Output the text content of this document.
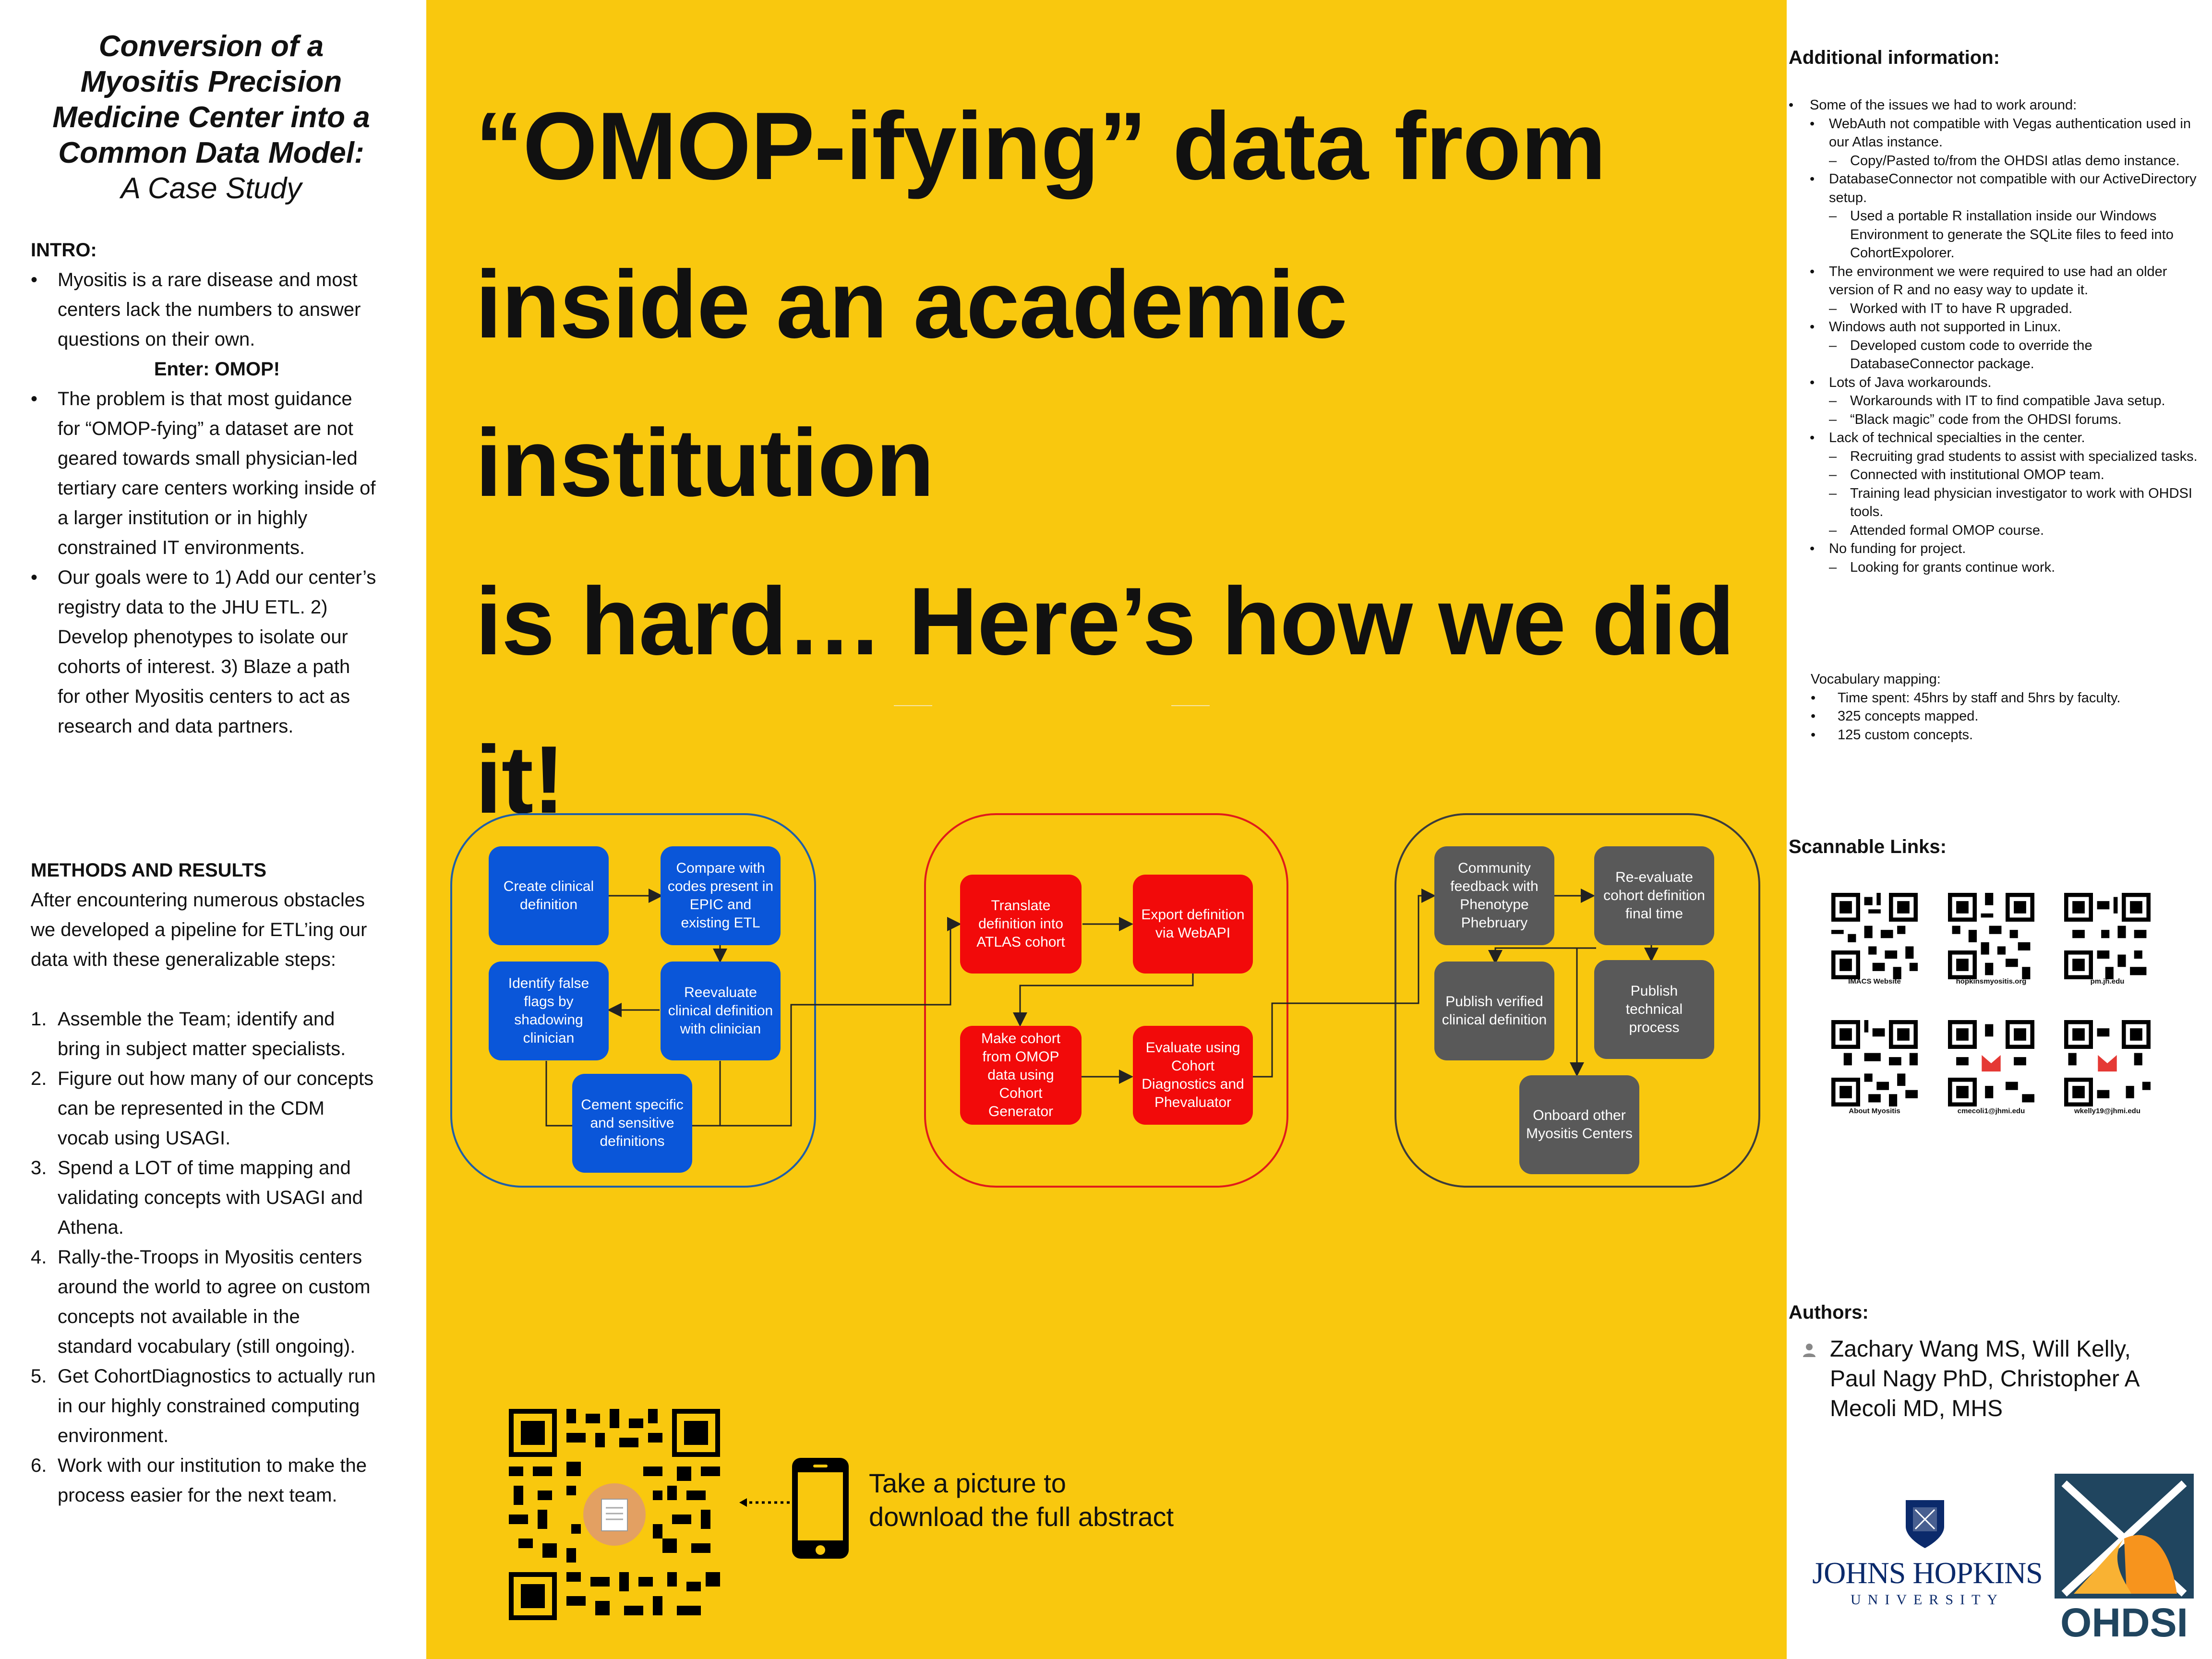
Conversion of a
Myositis Precision
Medicine Center into a
Common Data Model:
A Case Study
INTRO:
• Myositis is a rare disease and most centers lack the numbers to answer questions on their own.
Enter: OMOP!
• The problem is that most guidance for “OMOP-fying” a dataset are not geared towards small physician-led tertiary care centers working inside of a larger institution or in highly constrained IT environments.
• Our goals were to 1) Add our center’s registry data to the JHU ETL. 2) Develop phenotypes to isolate our cohorts of interest. 3) Blaze a path for other Myositis centers to act as research and data partners.
METHODS AND RESULTS
After encountering numerous obstacles we developed a pipeline for ETL’ing our data with these generalizable steps:
1. Assemble the Team; identify and bring in subject matter specialists.
2. Figure out how many of our concepts can be represented in the CDM vocab using USAGI.
3. Spend a LOT of time mapping and validating concepts with USAGI and Athena.
4. Rally-the-Troops in Myositis centers around the world to agree on custom concepts not available in the standard vocabulary (still ongoing).
5. Get CohortDiagnostics to actually run in our highly constrained computing environment.
6. Work with our institution to make the process easier for the next team.
“OMOP-ifying” data from
inside an academic institution
is hard… Here’s how we did it!
Create clinical definition
Compare with codes present in EPIC and existing ETL
Identify false flags by shadowing clinician
Reevaluate clinical definition with clinician
Cement specific and sensitive definitions
Translate definition into ATLAS cohort
Export definition via WebAPI
Make cohort from OMOP data using Cohort Generator
Evaluate using Cohort Diagnostics and Phevaluator
Community feedback with Phenotype Phebruary
Re-evaluate cohort definition final time
Publish verified clinical definition
Publish technical process
Onboard other Myositis Centers
Take a picture to
download the full abstract
Additional information:
• Some of the issues we had to work around:
• WebAuth not compatible with Vegas authentication used in our Atlas instance.
– Copy/Pasted to/from the OHDSI atlas demo instance.
• DatabaseConnector not compatible with our ActiveDirectory setup.
– Used a portable R installation inside our Windows Environment to generate the SQLite files to feed into CohortExpolorer.
• The environment we were required to use had an older version of R and no easy way to update it.
– Worked with IT to have R upgraded.
• Windows auth not supported in Linux.
– Developed custom code to override the DatabaseConnector package.
• Lots of Java workarounds.
– Workarounds with IT to find compatible Java setup.
– “Black magic” code from the OHDSI forums.
• Lack of technical specialties in the center.
– Recruiting grad students to assist with specialized tasks.
– Connected with institutional OMOP team.
– Training lead physician investigator to work with OHDSI tools.
– Attended formal OMOP course.
• No funding for project.
– Looking for grants continue work.
Vocabulary mapping:
• Time spent: 45hrs by staff and 5hrs by faculty.
• 325 concepts mapped.
• 125 custom concepts.
Scannable Links:
IMACS Website	hopkinsmyositis.org	pm.jh.edu
About Myositis	cmecoli1@jhmi.edu	wkelly19@jhmi.edu
Authors:
Zachary Wang MS, Will Kelly,
Paul Nagy PhD, Christopher A
Mecoli MD, MHS
JOHNS HOPKINS
UNIVERSITY
OHDSI
